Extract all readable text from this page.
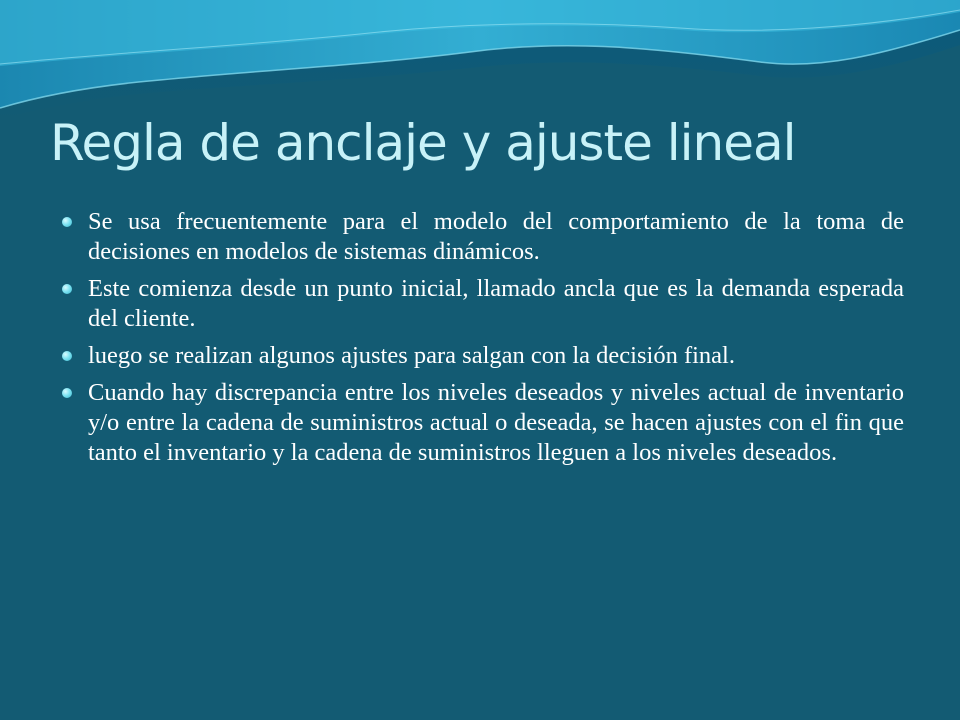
Regla de anclaje y ajuste lineal
Se usa frecuentemente para el modelo del comportamiento de la toma de decisiones en modelos de sistemas dinámicos.
Este comienza desde un punto inicial, llamado ancla que es la demanda esperada del cliente.
luego se realizan algunos ajustes para salgan con la decisión final.
Cuando hay discrepancia entre los niveles deseados y niveles actual de inventario y/o entre la cadena de suministros actual o deseada, se hacen ajustes con el fin que tanto el inventario y la cadena de suministros lleguen a los niveles deseados.
